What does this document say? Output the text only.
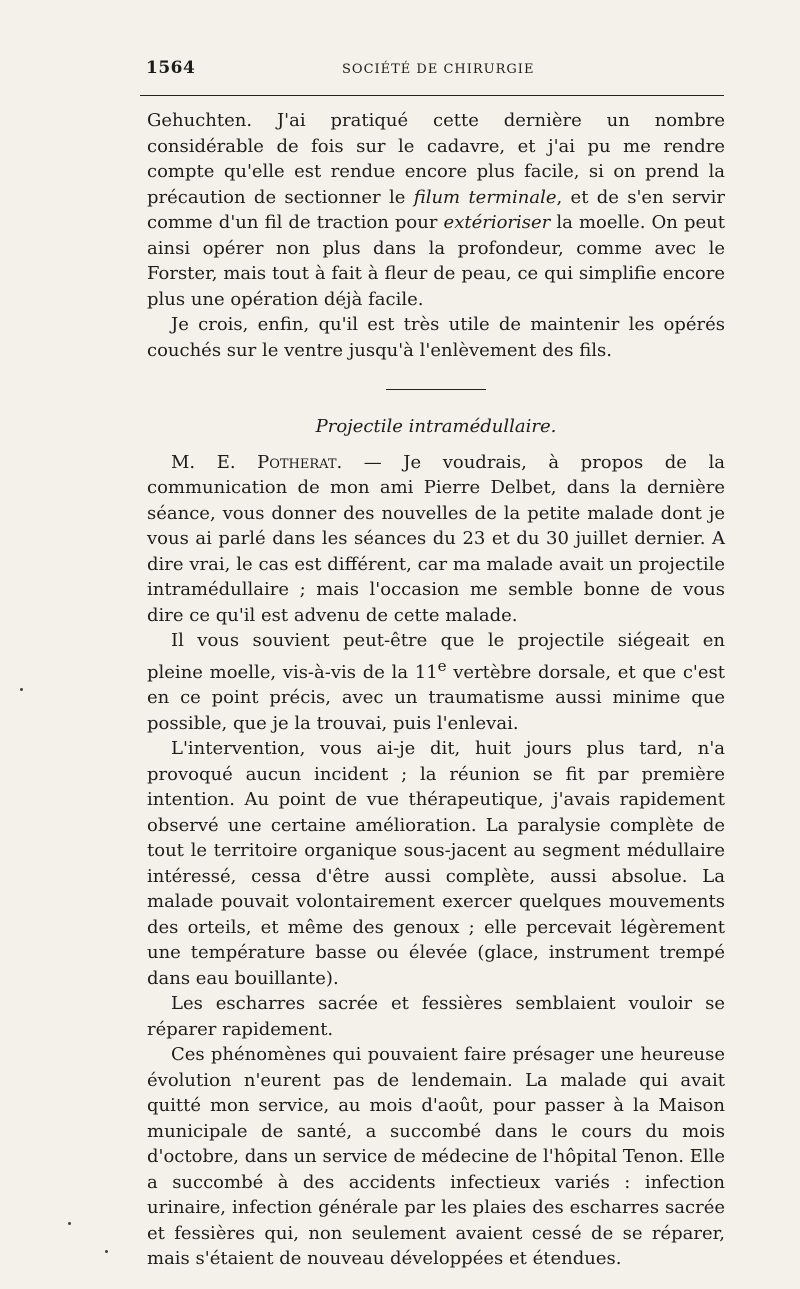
1564	SOCIÉTÉ DE CHIRURGIE

Gehuchten. J'ai pratiqué cette dernière un nombre considérable de fois sur le cadavre, et j'ai pu me rendre compte qu'elle est rendue encore plus facile, si on prend la précaution de sectionner le filum terminale, et de s'en servir comme d'un fil de traction pour extérioriser la moelle. On peut ainsi opérer non plus dans la profondeur, comme avec le Forster, mais tout à fait à fleur de peau, ce qui simplifie encore plus une opération déjà facile.

Je crois, enfin, qu'il est très utile de maintenir les opérés couchés sur le ventre jusqu'à l'enlèvement des fils.

Projectile intramédullaire.

M. E. Potherat. — Je voudrais, à propos de la communication de mon ami Pierre Delbet, dans la dernière séance, vous donner des nouvelles de la petite malade dont je vous ai parlé dans les séances du 23 et du 30 juillet dernier. A dire vrai, le cas est différent, car ma malade avait un projectile intramédullaire ; mais l'occasion me semble bonne de vous dire ce qu'il est advenu de cette malade.

Il vous souvient peut-être que le projectile siégeait en pleine moelle, vis-à-vis de la 11e vertèbre dorsale, et que c'est en ce point précis, avec un traumatisme aussi minime que possible, que je la trouvai, puis l'enlevai.

L'intervention, vous ai-je dit, huit jours plus tard, n'a provoqué aucun incident ; la réunion se fit par première intention. Au point de vue thérapeutique, j'avais rapidement observé une certaine amélioration. La paralysie complète de tout le territoire organique sous-jacent au segment médullaire intéressé, cessa d'être aussi complète, aussi absolue. La malade pouvait volontairement exercer quelques mouvements des orteils, et même des genoux ; elle percevait légèrement une température basse ou élevée (glace, instrument trempé dans eau bouillante).

Les escharres sacrée et fessières semblaient vouloir se réparer rapidement.

Ces phénomènes qui pouvaient faire présager une heureuse évolution n'eurent pas de lendemain. La malade qui avait quitté mon service, au mois d'août, pour passer à la Maison municipale de santé, a succombé dans le cours du mois d'octobre, dans un service de médecine de l'hôpital Tenon. Elle a succombé à des accidents infectieux variés : infection urinaire, infection générale par les plaies des escharres sacrée et fessières qui, non seulement avaient cessé de se réparer, mais s'étaient de nouveau développées et étendues.
